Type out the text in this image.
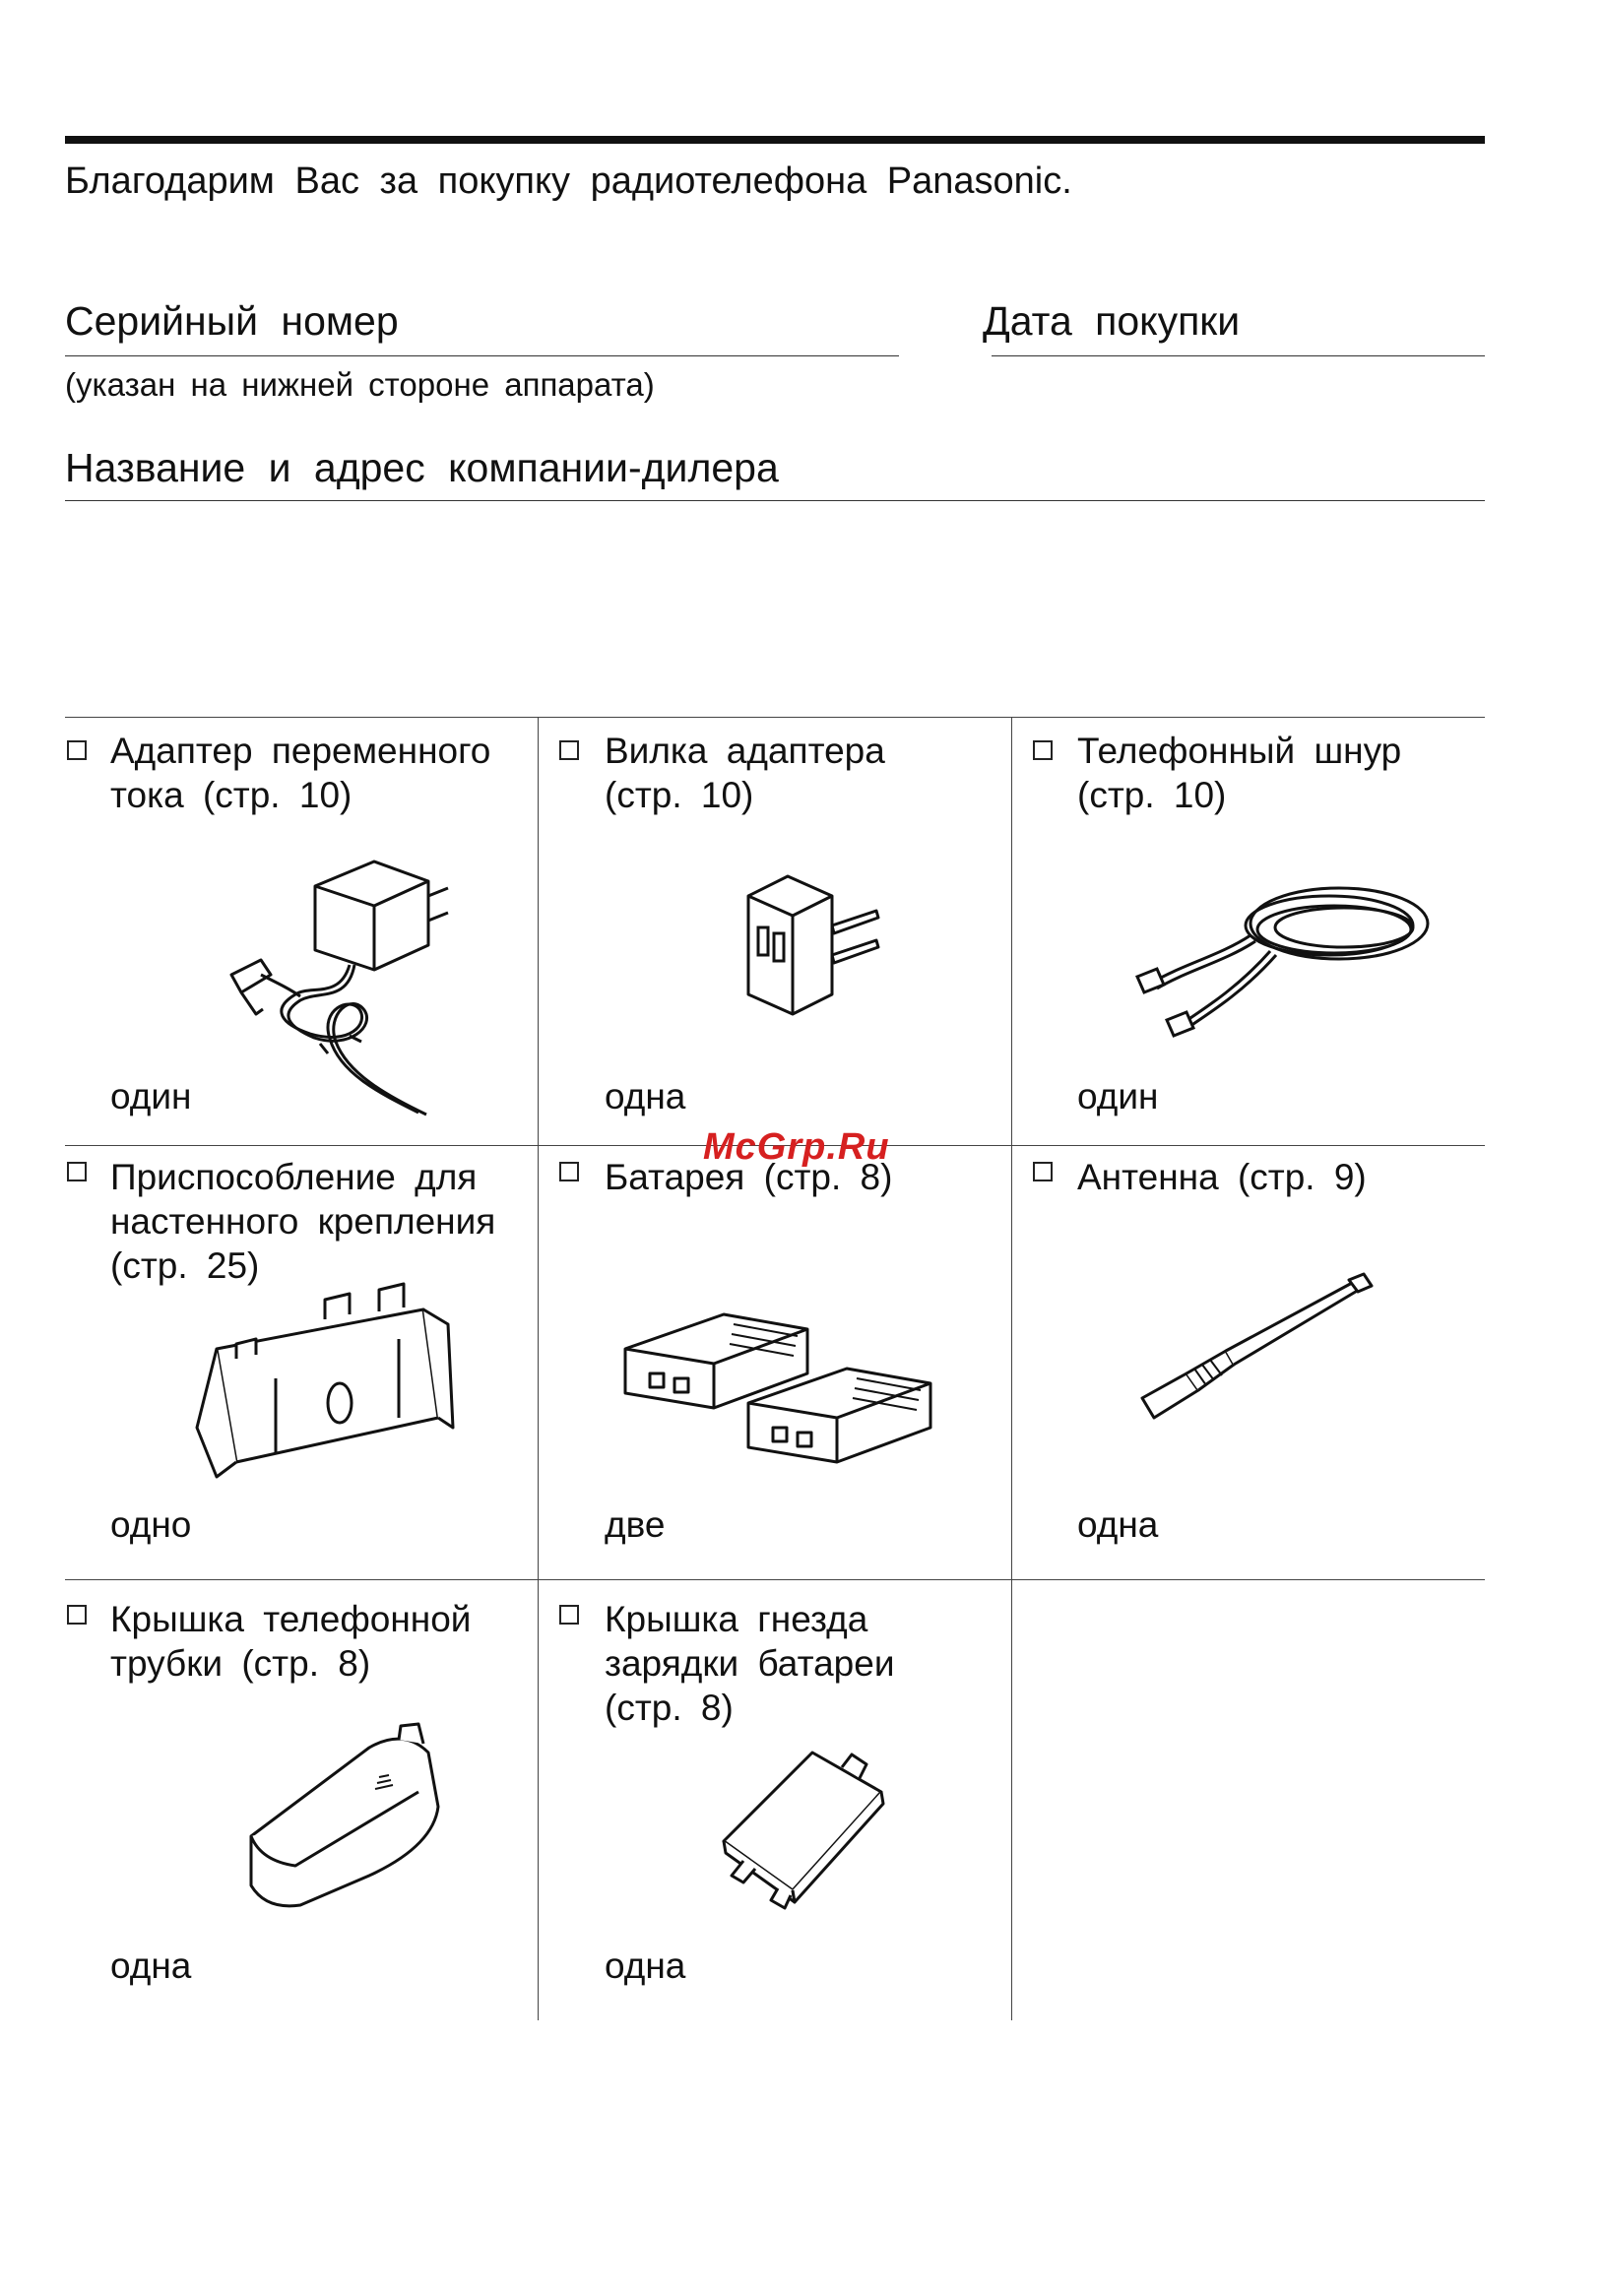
Благодарим Вас за покупку радиотелефона Panasonic.
Серийный номер	Дата покупки
(указан на нижней стороне аппарата)
Название и адрес компании-дилера
McGrp.Ru
Адаптер переменного
тока (стр. 10)
один
Вилка адаптера
(стр. 10)
одна
Телефонный шнур
(стр. 10)
один
Приспособление для
настенного крепления
(стр. 25)
одно
Батарея (стр. 8)
две
Антенна (стр. 9)
одна
Крышка телефонной
трубки (стр. 8)
одна
Крышка гнезда
зарядки батареи
(стр. 8)
одна
